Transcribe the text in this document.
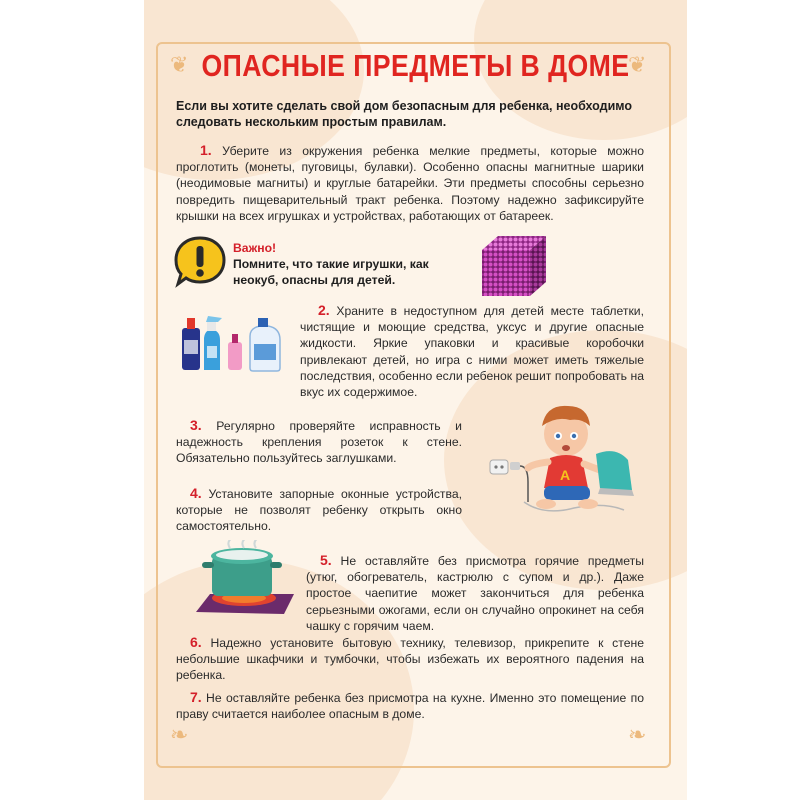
❦	❦
❧	❧
ОПАСНЫЕ ПРЕДМЕТЫ В ДОМЕ
Если вы хотите сделать свой дом безопасным для ребенка, необходимо следовать нескольким простым правилам.
1. Уберите из окружения ребенка мелкие предметы, которые можно проглотить (монеты, пуговицы, булавки). Особенно опасны магнитные шарики (неодимовые магниты) и круглые батарейки. Эти предметы способны серьезно повредить пищеварительный тракт ребенка. Поэтому надежно зафиксируйте крышки на всех игрушках и устройствах, работающих от батареек.
Важно!
Помните, что такие игрушки, как неокуб, опасны для детей.
2. Храните в недоступном для детей месте таблетки, чистящие и моющие средства, уксус и другие опасные жидкости. Яркие упаковки и красивые коробочки привлекают детей, но игра с ними может иметь тяжелые последствия, особенно если ребенок решит попробовать на вкус их содержимое.
3. Регулярно проверяйте исправность и надежность крепления розеток к стене. Обязательно пользуйтесь заглушками.
A
4. Установите запорные оконные устройства, которые не позволят ребенку открыть окно самостоятельно.
5. Не оставляйте без присмотра горячие предметы (утюг, обогреватель, кастрюлю с супом и др.). Даже простое чаепитие может закончиться для ребенка серьезными ожогами, если он случайно опрокинет на себя чашку с горячим чаем.
6. Надежно установите бытовую технику, телевизор, прикрепите к стене небольшие шкафчики и тумбочки, чтобы избежать их вероятного падения на ребенка.
7. Не оставляйте ребенка без присмотра на кухне. Именно это помещение по праву считается наиболее опасным в доме.
